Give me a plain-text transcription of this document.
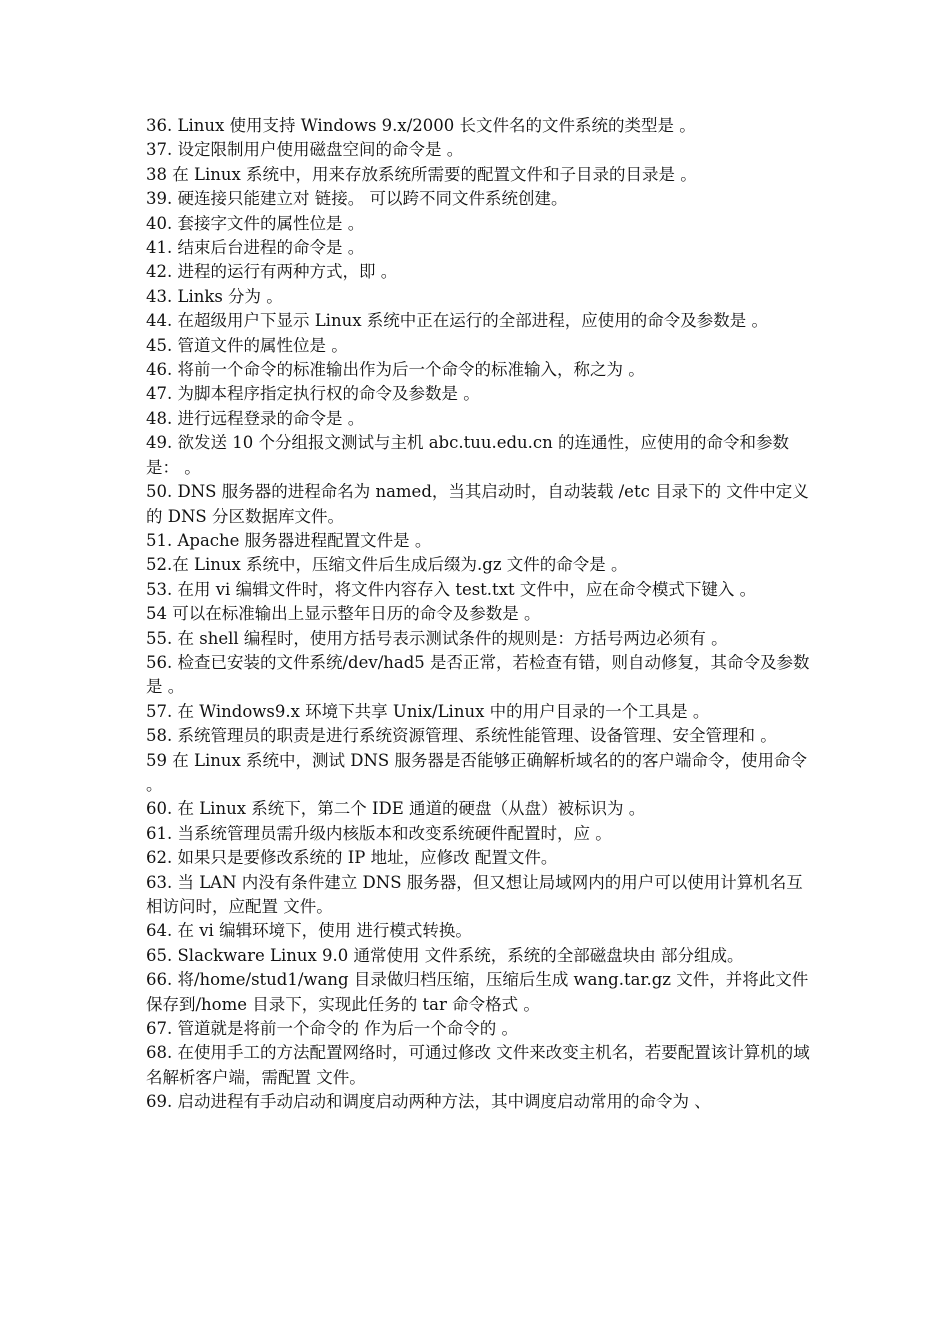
36. Linux 使用支持 Windows 9.x/2000 长文件名的文件系统的类型是 。
37. 设定限制用户使用磁盘空间的命令是 。
38 在 Linux 系统中，用来存放系统所需要的配置文件和子目录的目录是 。
39. 硬连接只能建立对 链接。 可以跨不同文件系统创建。
40. 套接字文件的属性位是 。
41. 结束后台进程的命令是 。
42. 进程的运行有两种方式，即 。
43. Links 分为 。
44. 在超级用户下显示 Linux 系统中正在运行的全部进程，应使用的命令及参数是 。
45. 管道文件的属性位是 。
46. 将前一个命令的标准输出作为后一个命令的标准输入，称之为 。
47. 为脚本程序指定执行权的命令及参数是 。
48. 进行远程登录的命令是 。
49. 欲发送 10 个分组报文测试与主机 abc.tuu.edu.cn 的连通性，应使用的命令和参数是： 。
50. DNS 服务器的进程命名为 named，当其启动时，自动装载 /etc 目录下的 文件中定义的 DNS 分区数据库文件。
51. Apache 服务器进程配置文件是 。
52.在 Linux 系统中，压缩文件后生成后缀为.gz 文件的命令是 。
53. 在用 vi 编辑文件时，将文件内容存入 test.txt 文件中，应在命令模式下键入 。
54 可以在标准输出上显示整年日历的命令及参数是 。
55. 在 shell 编程时，使用方括号表示测试条件的规则是：方括号两边必须有 。
56. 检查已安装的文件系统/dev/had5 是否正常，若检查有错，则自动修复，其命令及参数是 。
57. 在 Windows9.x 环境下共享 Unix/Linux 中的用户目录的一个工具是 。
58. 系统管理员的职责是进行系统资源管理、系统性能管理、设备管理、安全管理和 。
59 在 Linux 系统中，测试 DNS 服务器是否能够正确解析域名的的客户端命令，使用命令 。
60. 在 Linux 系统下，第二个 IDE 通道的硬盘（从盘）被标识为 。
61. 当系统管理员需升级内核版本和改变系统硬件配置时，应 。
62. 如果只是要修改系统的 IP 地址，应修改 配置文件。
63. 当 LAN 内没有条件建立 DNS 服务器，但又想让局域网内的用户可以使用计算机名互相访问时，应配置 文件。
64. 在 vi 编辑环境下，使用 进行模式转换。
65. Slackware Linux 9.0 通常使用 文件系统，系统的全部磁盘块由 部分组成。
66. 将/home/stud1/wang 目录做归档压缩，压缩后生成 wang.tar.gz 文件，并将此文件保存到/home 目录下，实现此任务的 tar 命令格式 。
67. 管道就是将前一个命令的 作为后一个命令的 。
68. 在使用手工的方法配置网络时，可通过修改 文件来改变主机名，若要配置该计算机的域名解析客户端，需配置 文件。
69. 启动进程有手动启动和调度启动两种方法，其中调度启动常用的命令为 、
